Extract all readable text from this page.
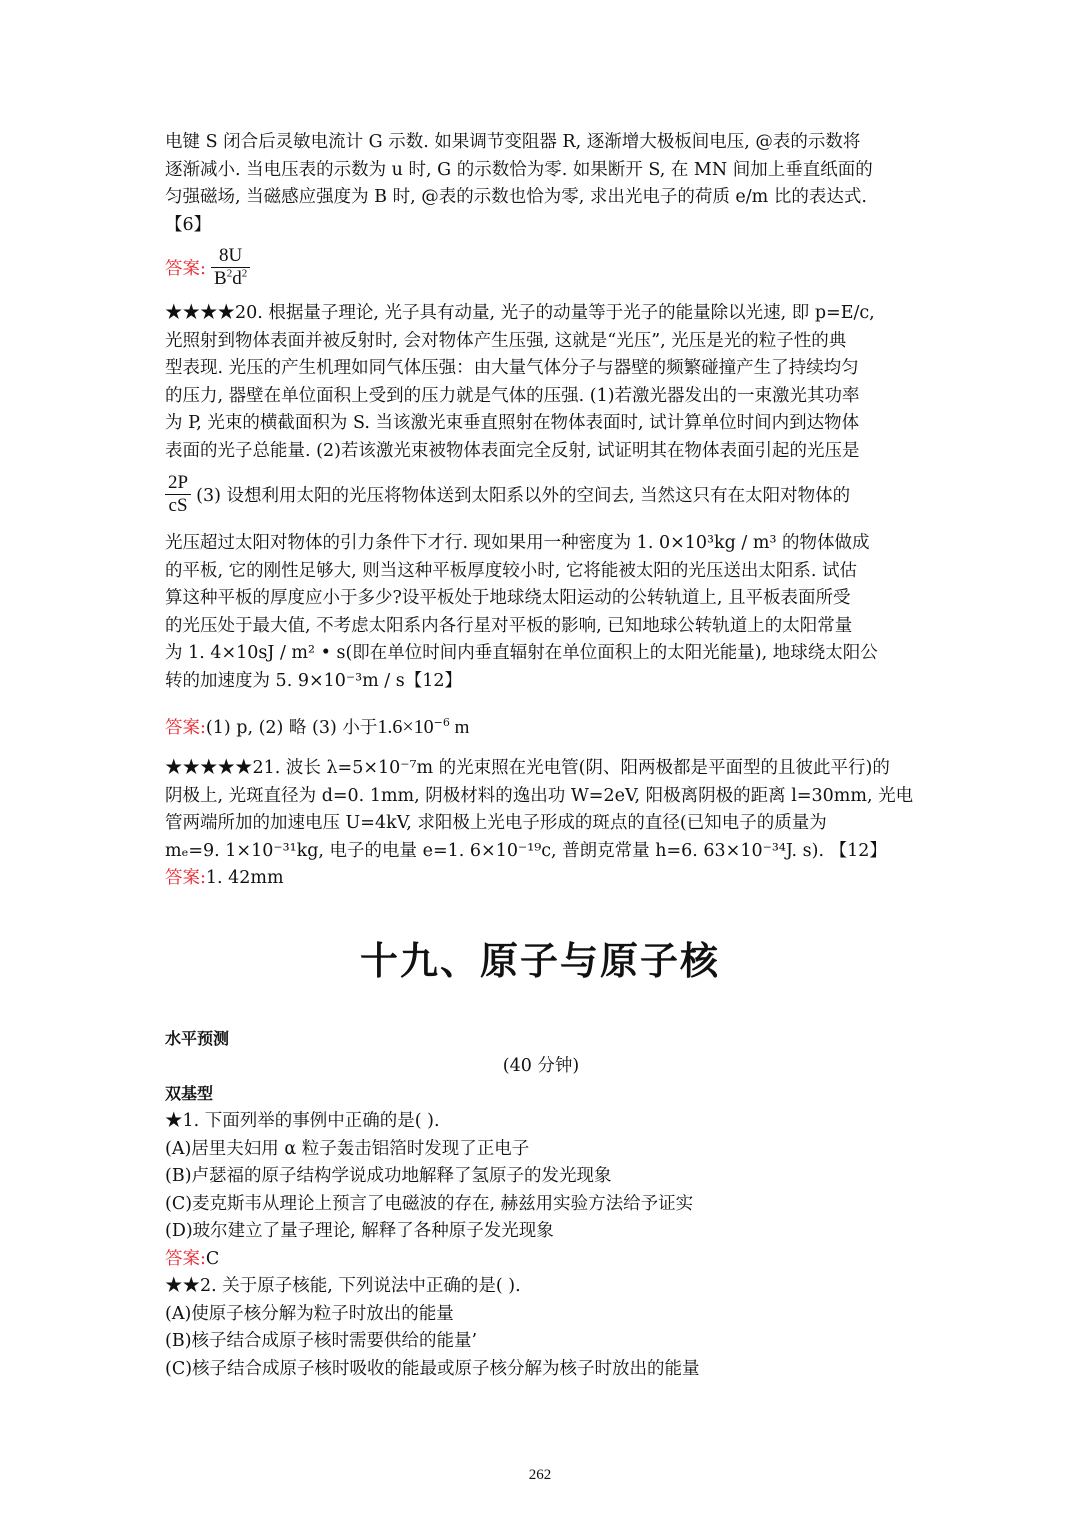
电键 S 闭合后灵敏电流计 G 示数. 如果调节变阻器 R, 逐渐增大极板间电压, @表的示数将
逐渐减小. 当电压表的示数为 u 时, G 的示数恰为零. 如果断开 S, 在 MN 间加上垂直纸面的
匀强磁场, 当磁感应强度为 B 时, @表的示数也恰为零, 求出光电子的荷质 e/m 比的表达式.
【6】
答案: $\frac{8U}{B^2d^2}$
★★★★20. 根据量子理论, 光子具有动量, 光子的动量等于光子的能量除以光速, 即 p=E/c,
光照射到物体表面并被反射时, 会对物体产生压强, 这就是“光压”, 光压是光的粒子性的典
型表现. 光压的产生机理如同气体压强：由大量气体分子与器壁的频繁碰撞产生了持续均匀
的压力, 器壁在单位面积上受到的压力就是气体的压强. (1)若激光器发出的一束激光其功率
为 P, 光束的横截面积为 S. 当该激光束垂直照射在物体表面时, 试计算单位时间内到达物体
表面的光子总能量. (2)若该激光束被物体表面完全反射, 试证明其在物体表面引起的光压是
$\frac{2P}{cS} (3)$ 设想利用太阳的光压将物体送到太阳系以外的空间去, 当然这只有在太阳对物体的
光压超过太阳对物体的引力条件下才行. 现如果用一种密度为 1. 0×10³kg / m³ 的物体做成
的平板, 它的刚性足够大, 则当这种平板厚度较小时, 它将能被太阳的光压送出太阳系. 试估
算这种平板的厚度应小于多少?设平板处于地球绕太阳运动的公转轨道上, 且平板表面所受
的光压处于最大值, 不考虑太阳系内各行星对平板的影响, 已知地球公转轨道上的太阳常量
为 1. 4×10sJ / m² • s(即在单位时间内垂直辐射在单位面积上的太阳光能量), 地球绕太阳公
转的加速度为 5. 9×10⁻³m / s【12】
答案:(1) p, (2) 略 (3) 小于$1.6\times 10^{-6}$ m
★★★★★21. 波长 λ=5×10⁻⁷m 的光束照在光电管(阴、阳两极都是平面型的且彼此平行)的
阴极上, 光斑直径为 d=0. 1mm, 阴极材料的逸出功 W=2eV, 阳极离阴极的距离 l=30mm, 光电
管两端所加的加速电压 U=4kV, 求阳极上光电子形成的斑点的直径(已知电子的质量为
mₑ=9. 1×10⁻³¹kg, 电子的电量 e=1. 6×10⁻¹⁹c, 普朗克常量 h=6. 63×10⁻³⁴J. s). 【12】
答案:1. 42mm
十九、原子与原子核
水平预测
(40 分钟)
双基型
★1. 下面列举的事例中正确的是( ).
(A)居里夫妇用 α 粒子轰击铝箔时发现了正电子
(B)卢瑟福的原子结构学说成功地解释了氢原子的发光现象
(C)麦克斯韦从理论上预言了电磁波的存在, 赫兹用实验方法给予证实
(D)玻尔建立了量子理论, 解释了各种原子发光现象
答案:C
★★2. 关于原子核能, 下列说法中正确的是( ).
(A)使原子核分解为粒子时放出的能量
(B)核子结合成原子核时需要供给的能量’
(C)核子结合成原子核时吸收的能最或原子核分解为核子时放出的能量
262
